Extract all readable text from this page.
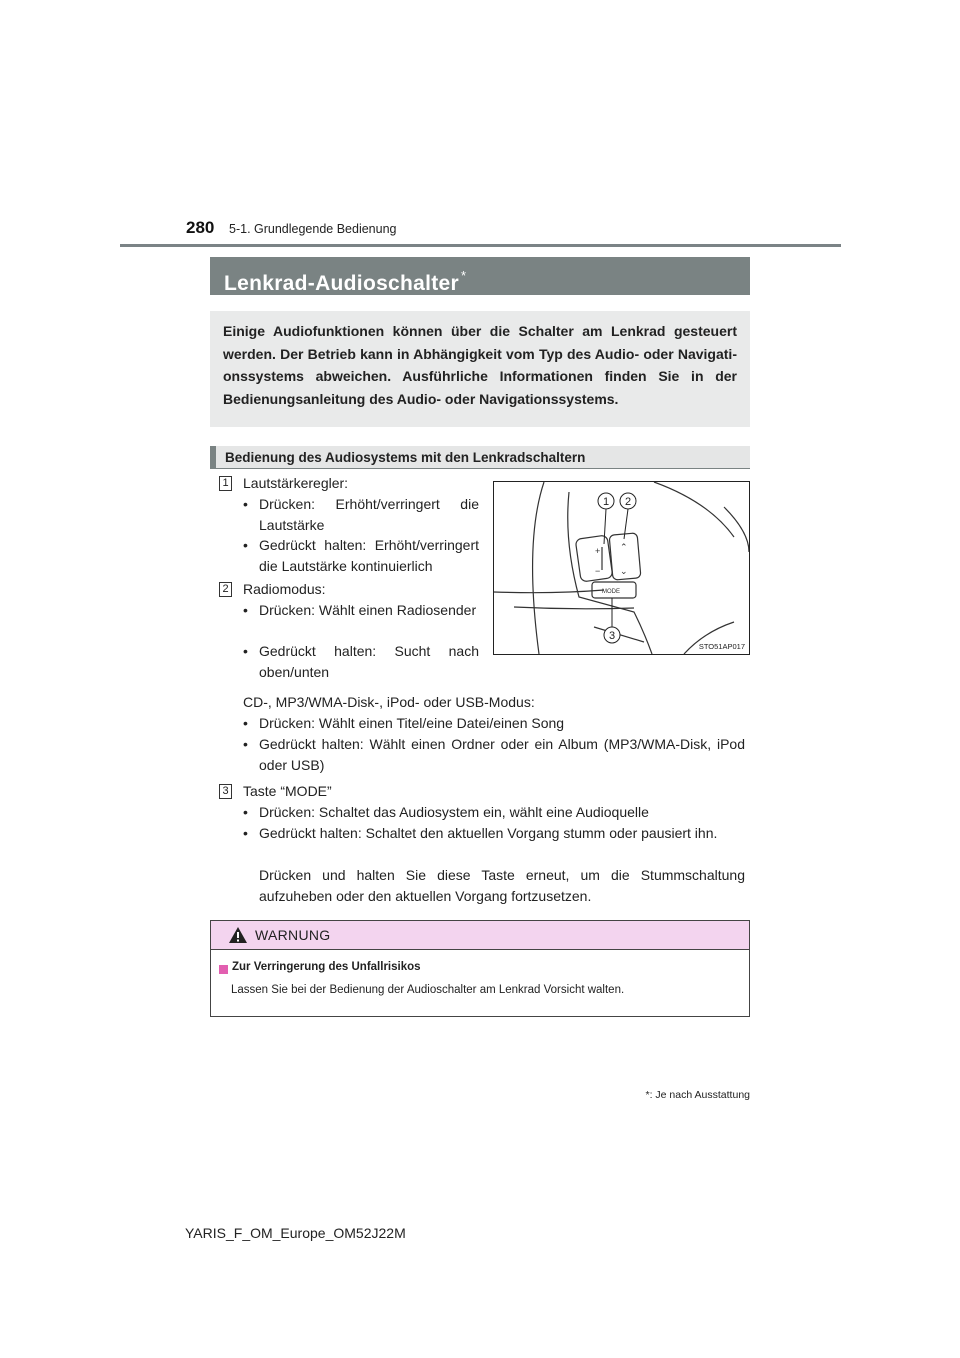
280 5-1. Grundlegende Bedienung
Lenkrad-Audioschalter *
Einige Audiofunktionen können über die Schalter am Lenkrad gesteuert werden. Der Betrieb kann in Abhängigkeit vom Typ des Audio- oder Navigationssystems abweichen. Ausführliche Informationen finden Sie in der Bedienungsanleitung des Audio- oder Navigationssystems.
Bedienung des Audiosystems mit den Lenkradschaltern
1 Lautstärkeregler:
• Drücken: Erhöht/verringert die Lautstärke
• Gedrückt halten: Erhöht/verringert die Lautstärke kontinuierlich
2 Radiomodus:
• Drücken: Wählt einen Radiosender
• Gedrückt halten: Sucht nach oben/unten
CD-, MP3/WMA-Disk-, iPod- oder USB-Modus:
• Drücken: Wählt einen Titel/eine Datei/einen Song
• Gedrückt halten: Wählt einen Ordner oder ein Album (MP3/WMA-Disk, iPod oder USB)
3 Taste “MODE”
• Drücken: Schaltet das Audiosystem ein, wählt eine Audioquelle
• Gedrückt halten: Schaltet den aktuellen Vorgang stumm oder pausiert ihn.
Drücken und halten Sie diese Taste erneut, um die Stummschaltung aufzuheben oder den aktuellen Vorgang fortzusetzen.
+
−
⌃
⌄
MODE
1 2
3
STO51AP017
WARNUNG
Zur Verringerung des Unfallrisikos
Lassen Sie bei der Bedienung der Audioschalter am Lenkrad Vorsicht walten.
*: Je nach Ausstattung
YARIS_F_OM_Europe_OM52J22M
